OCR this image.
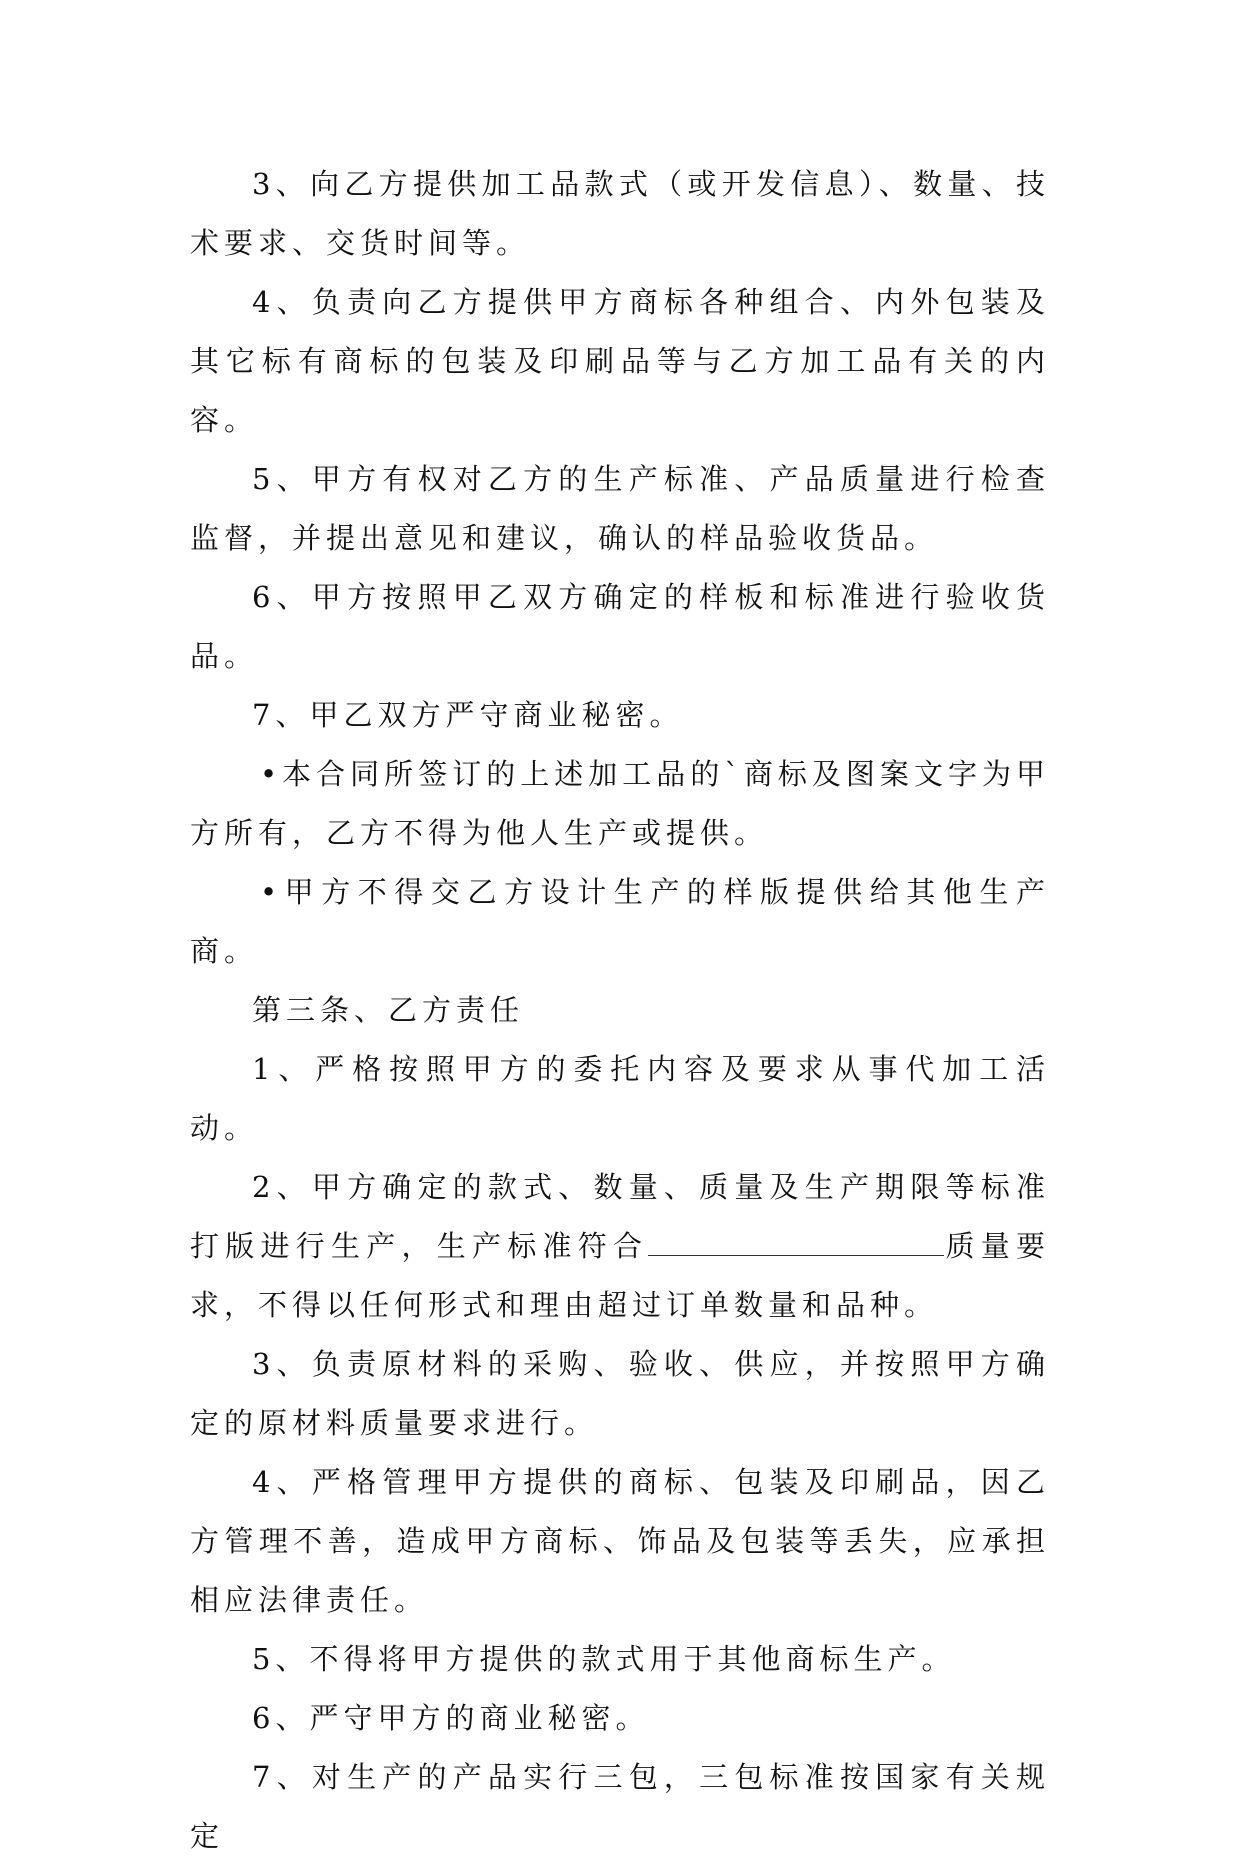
3、向乙方提供加工品款式（或开发信息）、数量、技术要求、交货时间等。

4、负责向乙方提供甲方商标各种组合、内外包装及其它标有商标的包装及印刷品等与乙方加工品有关的内容。

5、甲方有权对乙方的生产标准、产品质量进行检查监督，并提出意见和建议，确认的样品验收货品。

6、甲方按照甲乙双方确定的样板和标准进行验收货品。

7、甲乙双方严守商业秘密。

•本合同所签订的上述加工品的`商标及图案文字为甲方所有，乙方不得为他人生产或提供。

•甲方不得交乙方设计生产的样版提供给其他生产商。

第三条、乙方责任

1、严格按照甲方的委托内容及要求从事代加工活动。

2、甲方确定的款式、数量、质量及生产期限等标准打版进行生产，生产标准符合	质量要求，不得以任何形式和理由超过订单数量和品种。

3、负责原材料的采购、验收、供应，并按照甲方确定的原材料质量要求进行。

4、严格管理甲方提供的商标、包装及印刷品，因乙方管理不善，造成甲方商标、饰品及包装等丢失，应承担相应法律责任。

5、不得将甲方提供的款式用于其他商标生产。

6、严守甲方的商业秘密。

7、对生产的产品实行三包，三包标准按国家有关规定
